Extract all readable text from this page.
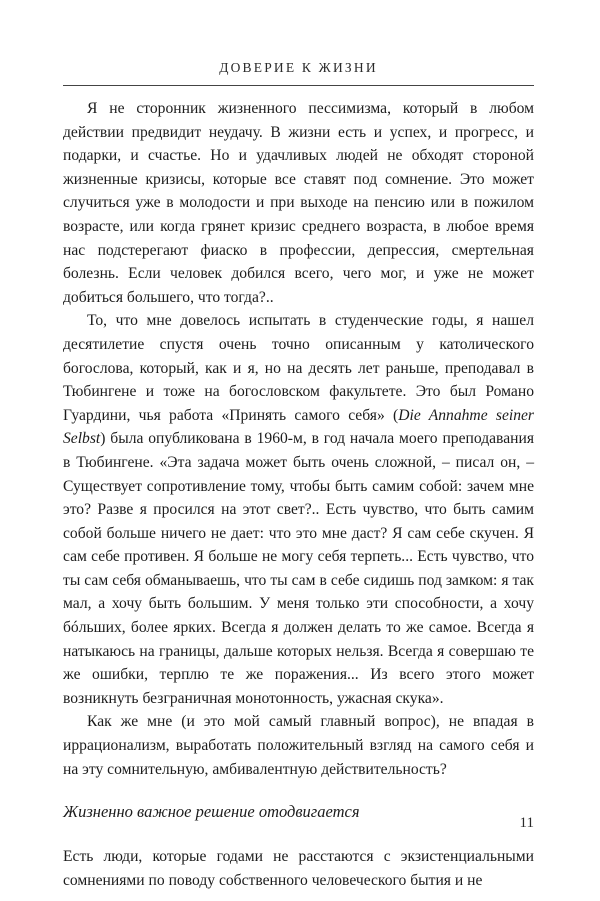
ДОВЕРИЕ К ЖИЗНИ

Я не сторонник жизненного пессимизма, который в любом действии предвидит неудачу. В жизни есть и успех, и прогресс, и подарки, и счастье. Но и удачливых людей не обходят стороной жизненные кризисы, которые все ставят под сомнение. Это может случиться уже в молодости и при выходе на пенсию или в пожилом возрасте, или когда грянет кризис среднего возраста, в любое время нас подстерегают фиаско в профессии, депрессия, смертельная болезнь. Если человек добился всего, чего мог, и уже не может добиться большего, что тогда?..

То, что мне довелось испытать в студенческие годы, я нашел десятилетие спустя очень точно описанным у католического богослова, который, как и я, но на десять лет раньше, преподавал в Тюбингене и тоже на богословском факультете. Это был Романо Гуардини, чья работа «Принять самого себя» (Die Annahme seiner Selbst) была опубликована в 1960-м, в год начала моего преподавания в Тюбингене. «Эта задача может быть очень сложной, – писал он, – Существует сопротивление тому, чтобы быть самим собой: зачем мне это? Разве я просился на этот свет?.. Есть чувство, что быть самим собой больше ничего не дает: что это мне даст? Я сам себе скучен. Я сам себе противен. Я больше не могу себя терпеть... Есть чувство, что ты сам себя обманываешь, что ты сам в себе сидишь под замком: я так мал, а хочу быть большим. У меня только эти способности, а хочу бóльших, более ярких. Всегда я должен делать то же самое. Всегда я натыкаюсь на границы, дальше которых нельзя. Всегда я совершаю те же ошибки, терплю те же поражения... Из всего этого может возникнуть безграничная монотонность, ужасная скука».

Как же мне (и это мой самый главный вопрос), не впадая в иррационализм, выработать положительный взгляд на самого себя и на эту сомнительную, амбивалентную действительность?

Жизненно важное решение отодвигается

Есть люди, которые годами не расстаются с экзистенциальными сомнениями по поводу собственного человеческого бытия и не

11
